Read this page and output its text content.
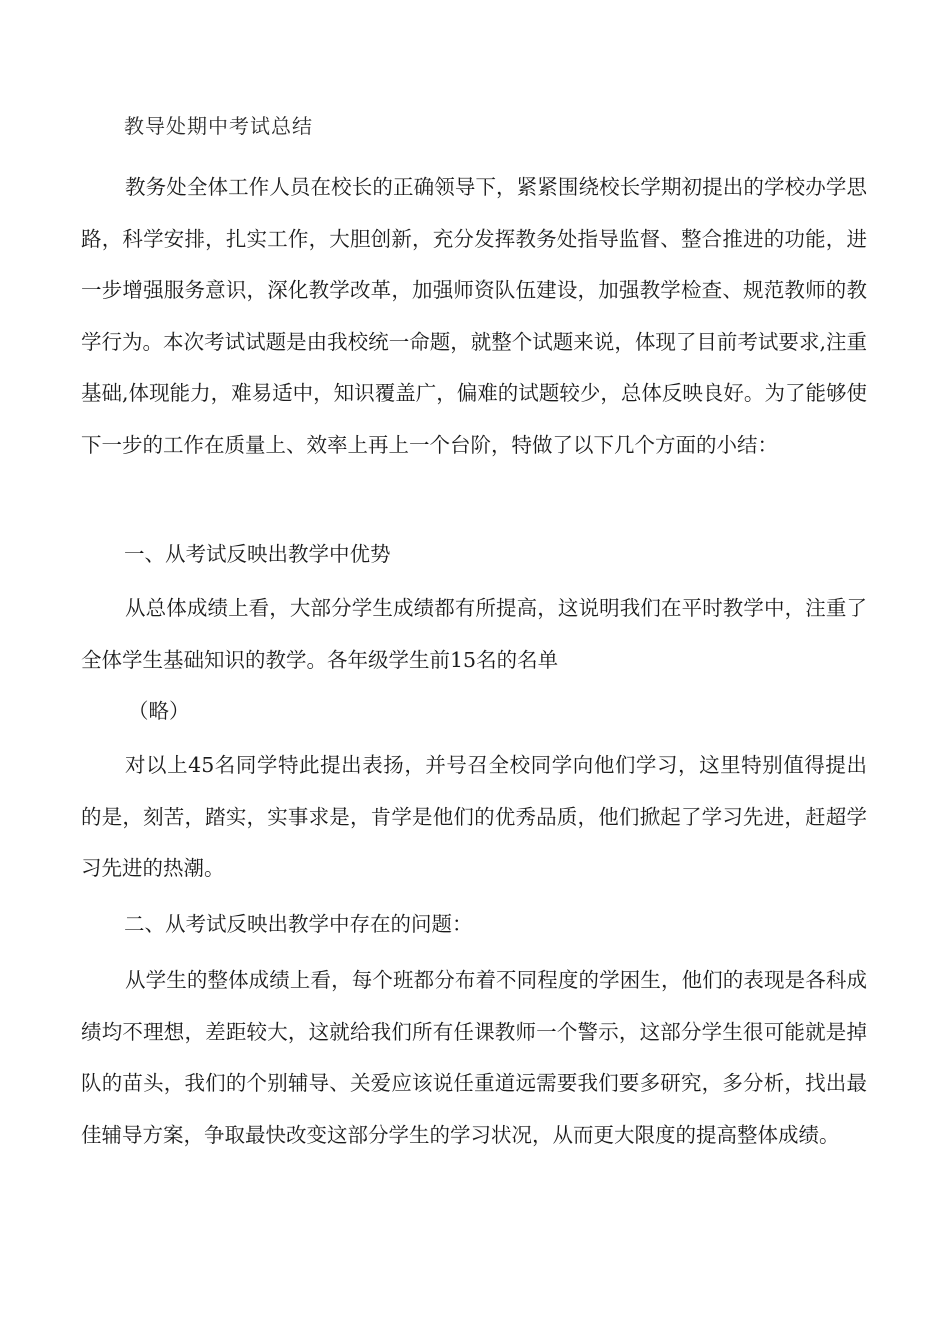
教导处期中考试总结

教务处全体工作人员在校长的正确领导下，紧紧围绕校长学期初提出的学校办学思路，科学安排，扎实工作，大胆创新，充分发挥教务处指导监督、整合推进的功能，进一步增强服务意识，深化教学改革，加强师资队伍建设，加强教学检查、规范教师的教学行为。本次考试试题是由我校统一命题，就整个试题来说，体现了目前考试要求,注重基础,体现能力，难易适中，知识覆盖广，偏难的试题较少，总体反映良好。为了能够使下一步的工作在质量上、效率上再上一个台阶，特做了以下几个方面的小结：

一、从考试反映出教学中优势

从总体成绩上看，大部分学生成绩都有所提高，这说明我们在平时教学中，注重了全体学生基础知识的教学。各年级学生前15名的名单

（略）

对以上45名同学特此提出表扬，并号召全校同学向他们学习，这里特别值得提出的是，刻苦，踏实，实事求是，肯学是他们的优秀品质，他们掀起了学习先进，赶超学习先进的热潮。

二、从考试反映出教学中存在的问题：

从学生的整体成绩上看，每个班都分布着不同程度的学困生，他们的表现是各科成绩均不理想，差距较大，这就给我们所有任课教师一个警示，这部分学生很可能就是掉队的苗头，我们的个别辅导、关爱应该说任重道远需要我们要多研究，多分析，找出最佳辅导方案，争取最快改变这部分学生的学习状况，从而更大限度的提高整体成绩。
